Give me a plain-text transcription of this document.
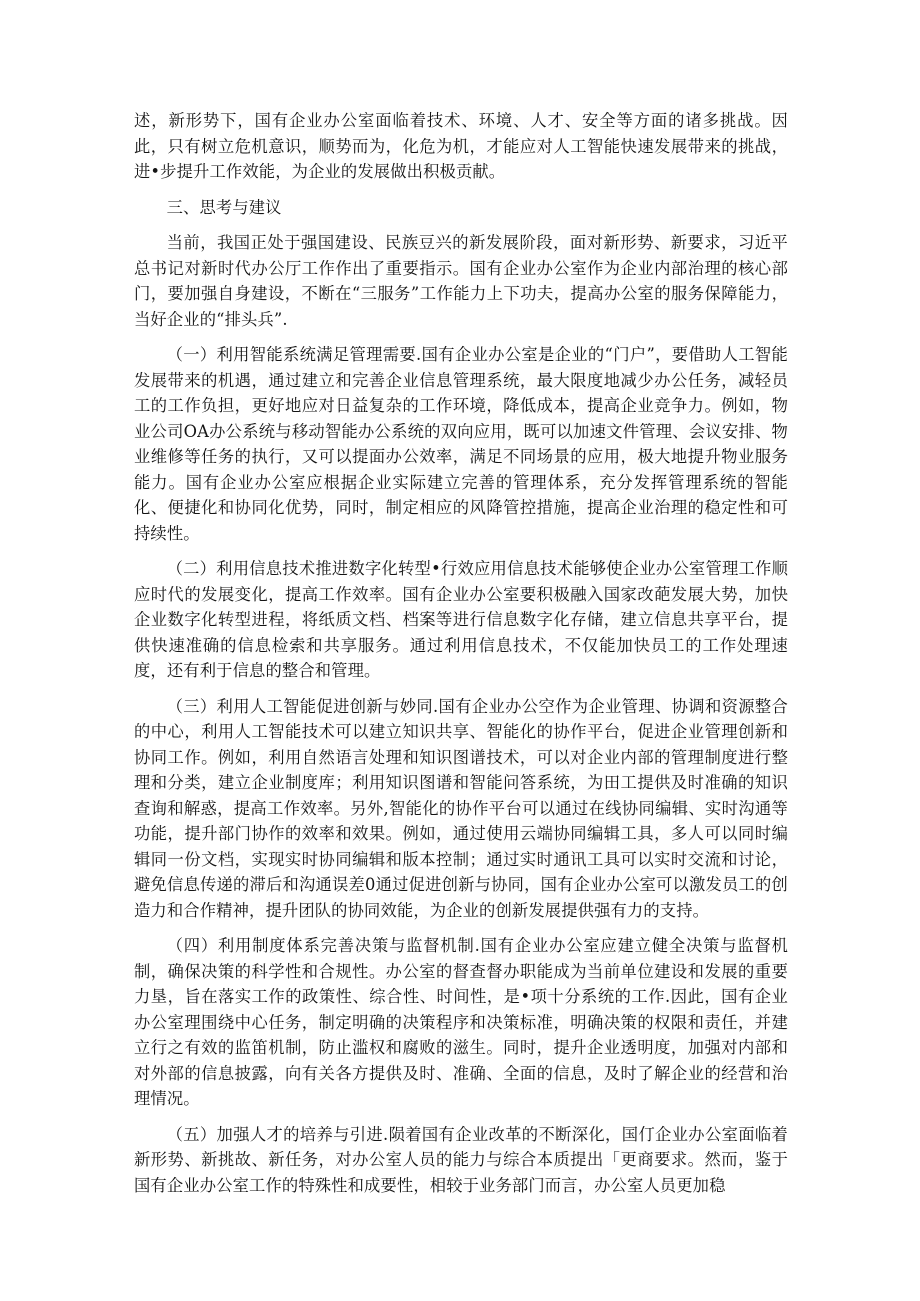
述，新形势下，国有企业办公室面临着技术、环境、人才、安全等方面的诸多挑战。因此，只有树立危机意识，顺势而为，化危为机，才能应对人工智能快速发展带来的挑战，进•步提升工作效能，为企业的发展做出积极贡献。

三、思考与建议

当前，我国正处于强国建设、民族豆兴的新发展阶段，面对新形势、新要求，习近平总书记对新时代办公厅工作作出了重要指示。国有企业办公室作为企业内部治理的核心部门，要加强自身建设，不断在“三服务”工作能力上下功夫，提高办公室的服务保障能力，当好企业的“排头兵”.

（一）利用智能系统满足管理需要.国有企业办公室是企业的“门户”，要借助人工智能发展带来的机遇，通过建立和完善企业信息管理系统，最大限度地减少办公任务，减轻员工的工作负担，更好地应对日益复杂的工作环境，降低成本，提高企业竞争力。例如，物业公司OA办公系统与移动智能办公系统的双向应用，既可以加速文件管理、会议安排、物业维修等任务的执行，又可以提面办公效率，满足不同场景的应用，极大地提升物业服务能力。国有企业办公室应根据企业实际建立完善的管理体系，充分发挥管理系统的智能化、便捷化和协同化优势，同时，制定相应的风降管控措施，提高企业治理的稳定性和可持续性。

（二）利用信息技术推进数字化转型•行效应用信息技术能够使企业办公室管理工作顺应时代的发展变化，提高工作效率。国有企业办公室要积极融入国家改葩发展大势，加快企业数字化转型进程，将纸质文档、档案等进行信息数字化存储，建立信息共享平台，提供快速准确的信息检索和共享服务。通过利用信息技术，不仅能加快员工的工作处理速度，还有利于信息的整合和管理。

（三）利用人工智能促进创新与妙同.国有企业办公空作为企业管理、协调和资源整合的中心，利用人工智能技术可以建立知识共享、智能化的协作平台，促进企业管理创新和协同工作。例如，利用自然语言处理和知识图谱技术，可以对企业内部的管理制度进行整理和分类，建立企业制度库；利用知识图谱和智能问答系统，为田工提供及时准确的知识查询和解惑，提高工作效率。另外,智能化的协作平台可以通过在线协同编辑、实时沟通等功能，提升部门协作的效率和效果。例如，通过使用云端协同编辑工具，多人可以同时编辑同一份文档，实现实时协同编辑和版本控制；通过实时通讯工具可以实时交流和讨论，避免信息传递的滞后和沟通误差0通过促进创新与协同，国有企业办公室可以激发员工的创造力和合作精神，提升团队的协同效能，为企业的创新发展提供强有力的支持。

（四）利用制度体系完善决策与监督机制.国有企业办公室应建立健全决策与监督机制，确保决策的科学性和合规性。办公室的督查督办职能成为当前单位建设和发展的重要力垦，旨在落实工作的政策性、综合性、时间性，是•项十分系统的工作.因此，国有企业办公室理围绕中心任务，制定明确的决策程序和决策标准，明确决策的权限和责任，并建立行之有效的监笛机制，防止滥权和腐败的滋生。同时，提升企业透明度，加强对内部和对外部的信息披露，向有关各方提供及时、准确、全面的信息，及时了解企业的经营和治理情况。

（五）加强人才的培养与引进.陨着国有企业改革的不断深化，国仃企业办公室面临着新形势、新挑故、新任务，对办公室人员的能力与综合本质提出「更商要求。然而，鉴于国有企业办公室工作的特殊性和成要性，相较于业务部门而言，办公室人员更加稳
